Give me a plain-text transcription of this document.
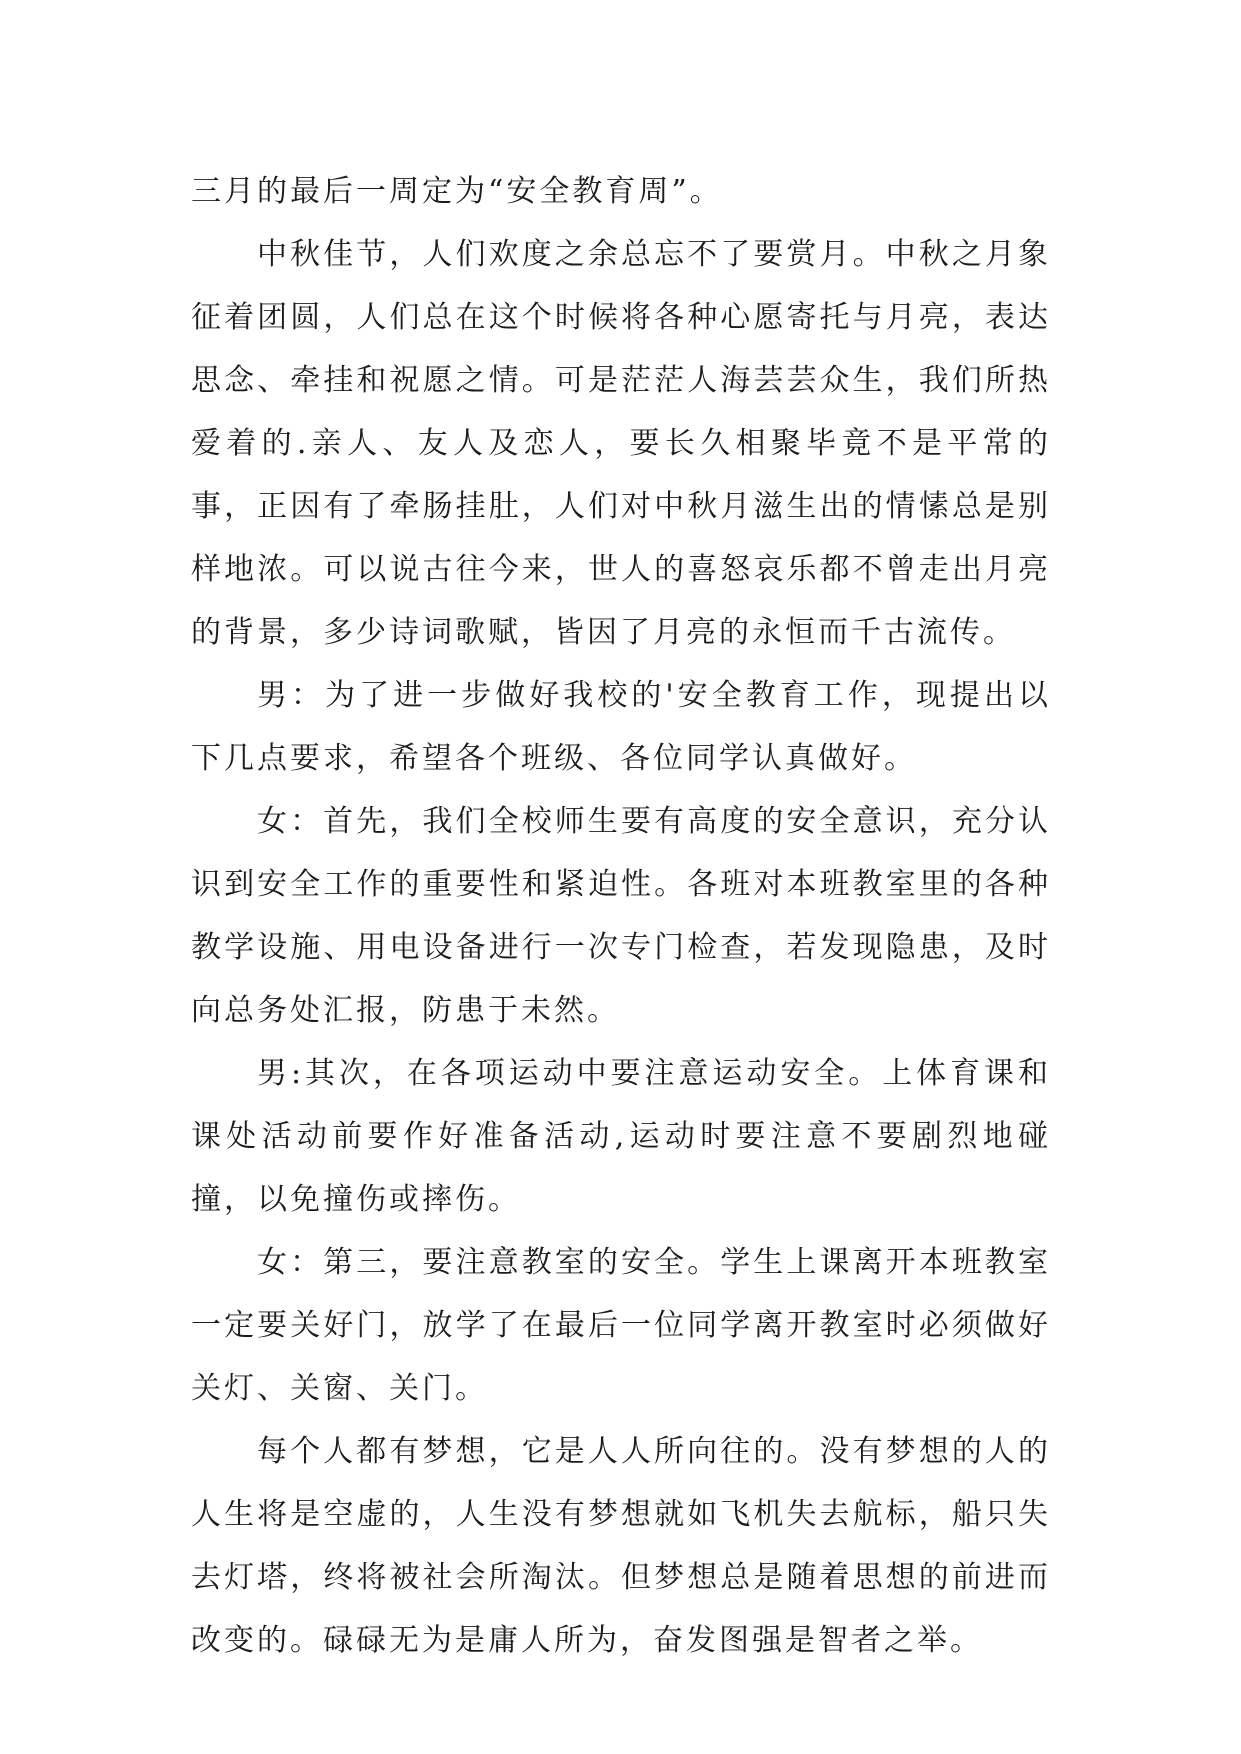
三月的最后一周定为“安全教育周”。

中秋佳节，人们欢度之余总忘不了要赏月。中秋之月象征着团圆，人们总在这个时候将各种心愿寄托与月亮，表达思念、牵挂和祝愿之情。可是茫茫人海芸芸众生，我们所热爱着的.亲人、友人及恋人，要长久相聚毕竟不是平常的事，正因有了牵肠挂肚，人们对中秋月滋生出的情愫总是别样地浓。可以说古往今来，世人的喜怒哀乐都不曾走出月亮的背景，多少诗词歌赋，皆因了月亮的永恒而千古流传。

男：为了进一步做好我校的'安全教育工作，现提出以下几点要求，希望各个班级、各位同学认真做好。

女：首先，我们全校师生要有高度的安全意识，充分认识到安全工作的重要性和紧迫性。各班对本班教室里的各种教学设施、用电设备进行一次专门检查，若发现隐患，及时向总务处汇报，防患于未然。

男:其次，在各项运动中要注意运动安全。上体育课和课处活动前要作好准备活动,运动时要注意不要剧烈地碰撞，以免撞伤或摔伤。

女：第三，要注意教室的安全。学生上课离开本班教室一定要关好门，放学了在最后一位同学离开教室时必须做好关灯、关窗、关门。

每个人都有梦想，它是人人所向往的。没有梦想的人的人生将是空虚的，人生没有梦想就如飞机失去航标，船只失去灯塔，终将被社会所淘汰。但梦想总是随着思想的前进而改变的。碌碌无为是庸人所为，奋发图强是智者之举。
